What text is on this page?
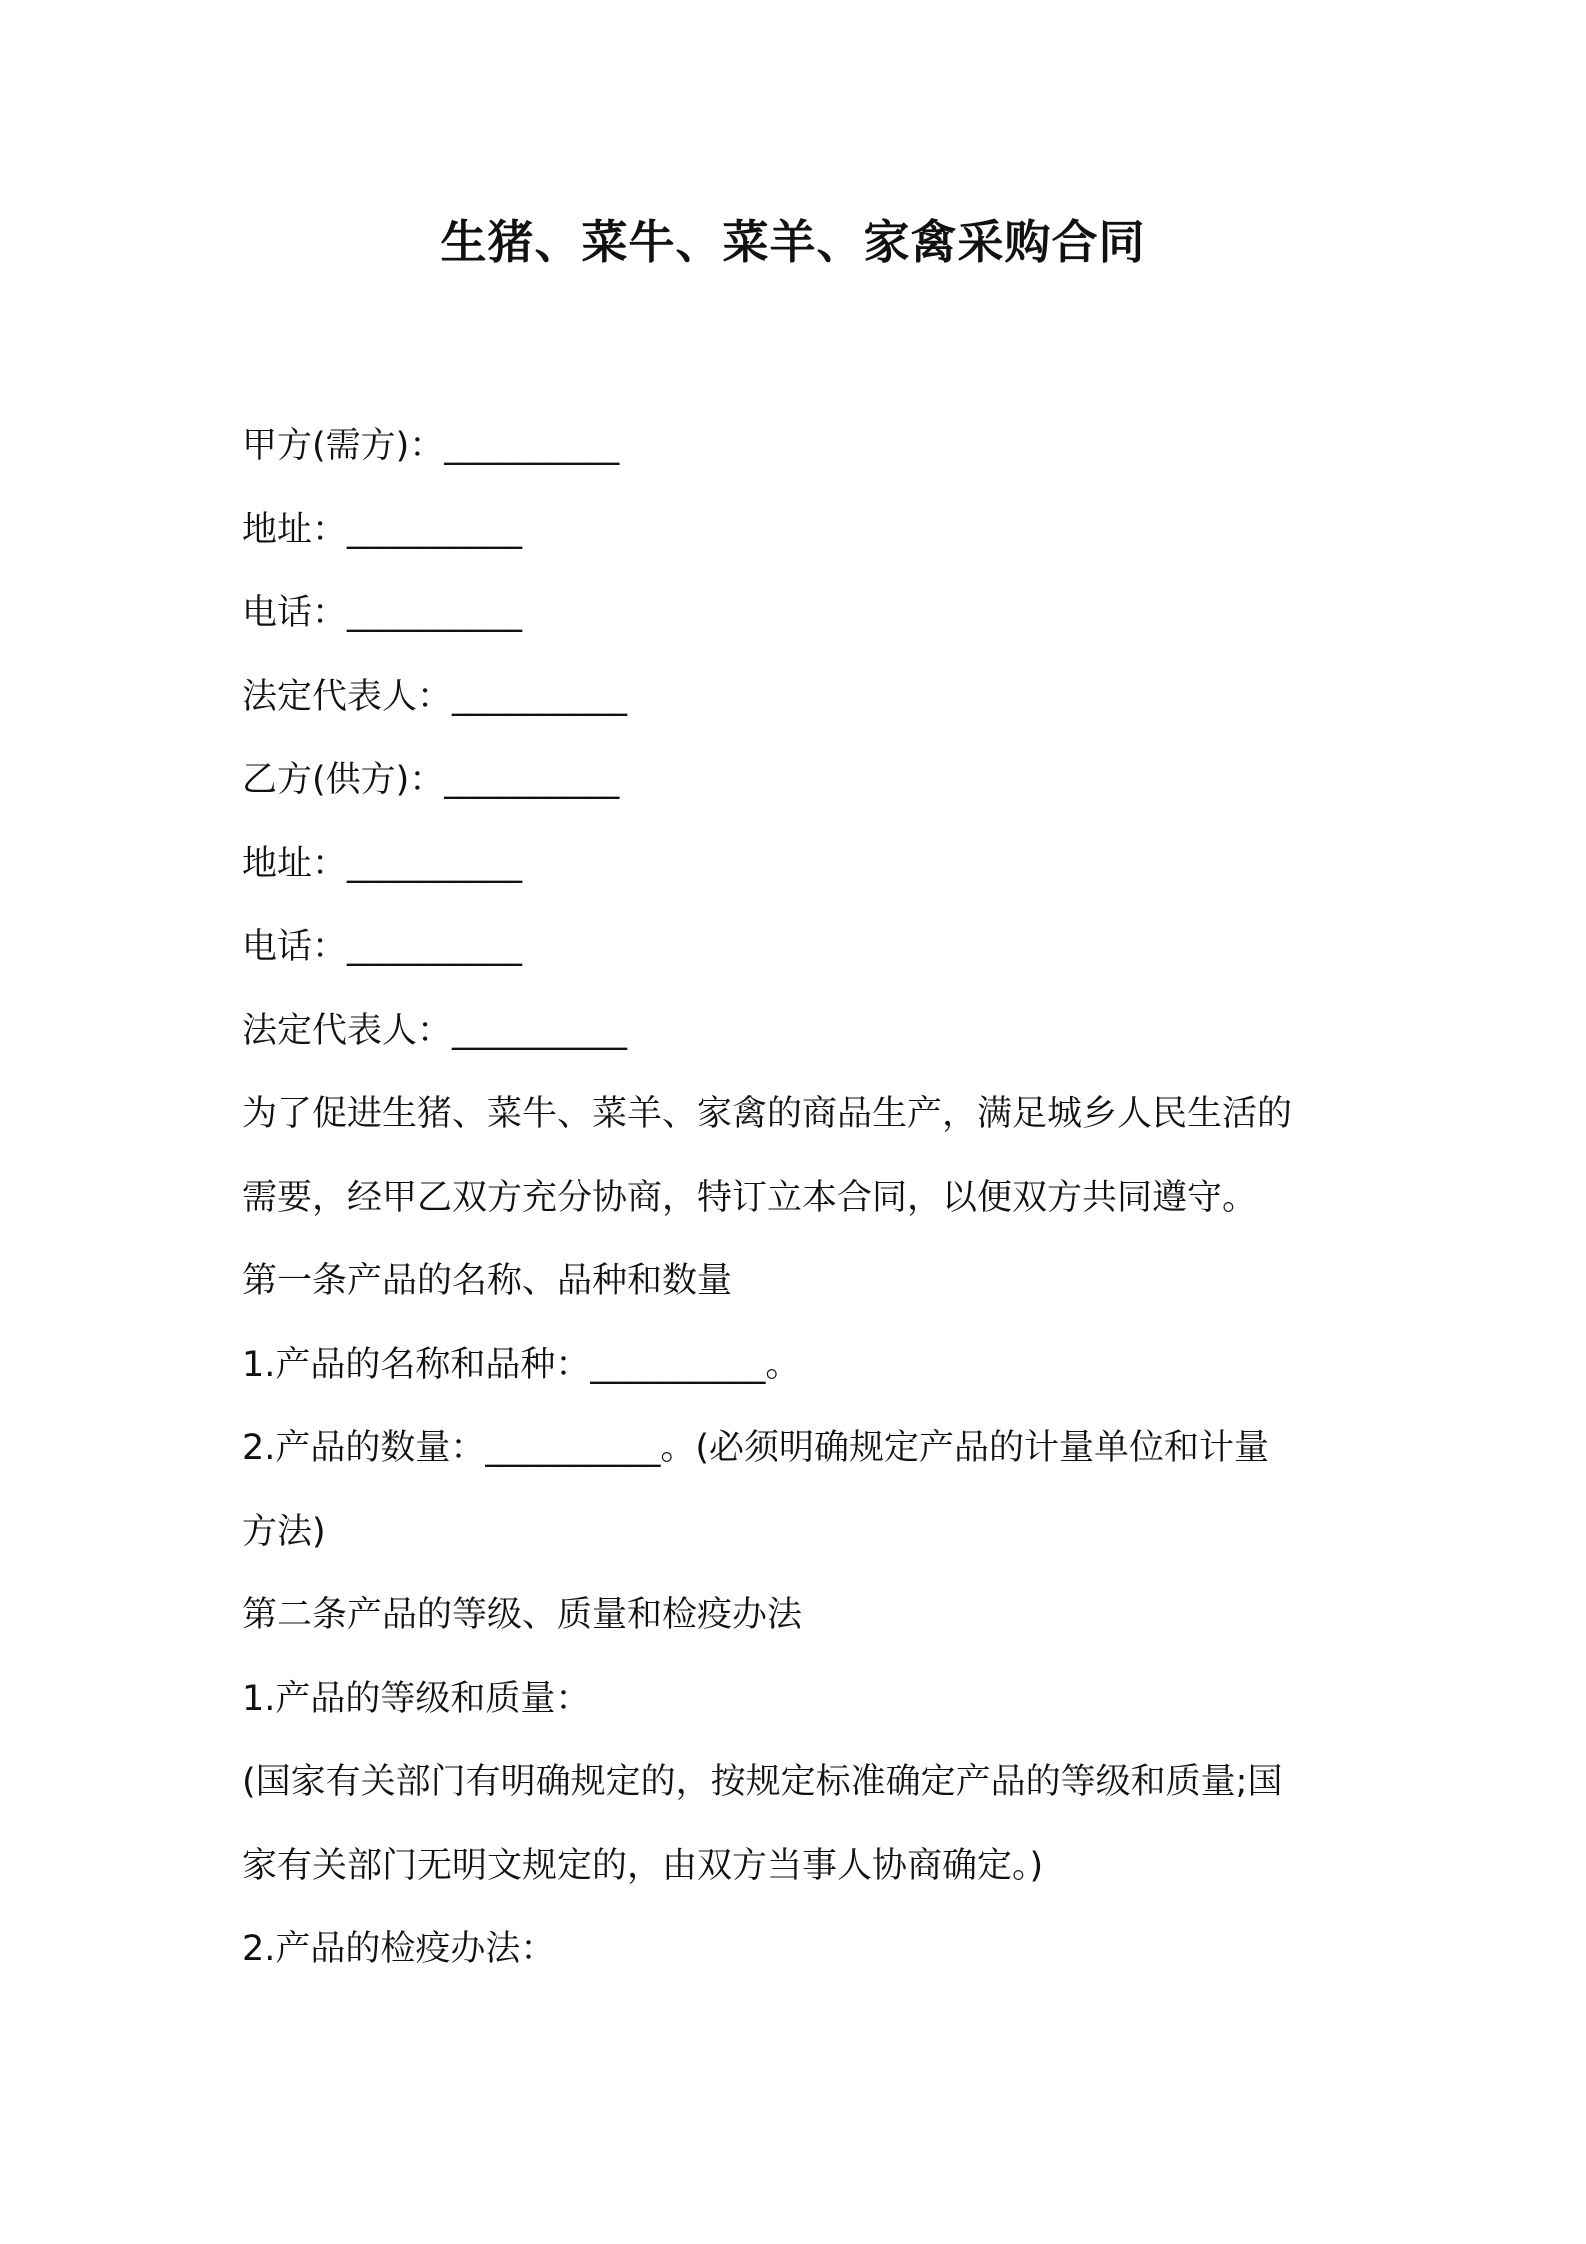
生猪、菜牛、菜羊、家禽采购合同
甲方(需方)：__________
地址：__________
电话：__________
法定代表人：__________
乙方(供方)：__________
地址：__________
电话：__________
法定代表人：__________
为了促进生猪、菜牛、菜羊、家禽的商品生产，满足城乡人民生活的
需要，经甲乙双方充分协商，特订立本合同，以便双方共同遵守。
第一条产品的名称、品种和数量
1.产品的名称和品种：__________。
2.产品的数量：__________。(必须明确规定产品的计量单位和计量
方法)
第二条产品的等级、质量和检疫办法
1.产品的等级和质量：
(国家有关部门有明确规定的，按规定标准确定产品的等级和质量;国
家有关部门无明文规定的，由双方当事人协商确定。)
2.产品的检疫办法：
